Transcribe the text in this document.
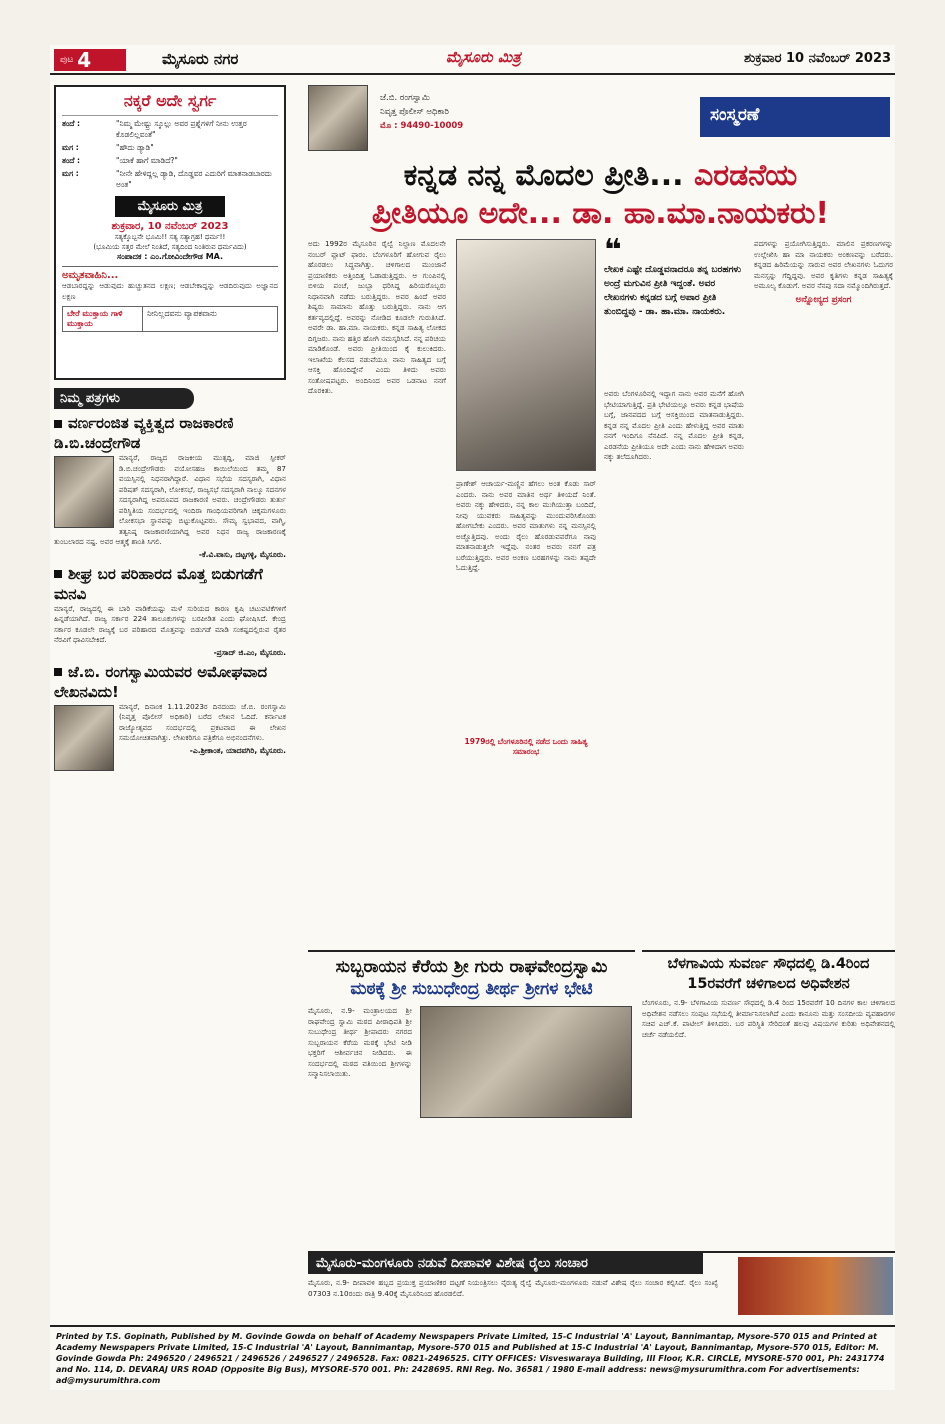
ಪುಟ 4	ಮೈಸೂರು ನಗರ	ಮೈಸೂರು ಮಿತ್ರ	ಶುಕ್ರವಾರ 10 ನವೆಂಬರ್ 2023
ನಕ್ಕರೆ ಅದೇ ಸ್ವರ್ಗ
ತಂದೆ :	"ನಿಮ್ಮ ಮೇಷ್ಟ್ರು ಸ್ಕೂಲ್ಲು ಅವರ ಪ್ರಶ್ನೆಗಳಿಗೆ ನೀನು ಉತ್ತರ ಕೊಡಲಿಲ್ಲವಂತೆ"
ಮಗ :	"ಹೌದು ಡ್ಯಾಡಿ"
ತಂದೆ :	"ಯಾಕೆ ಹಾಗೆ ಮಾಡಿದೆ?"
ಮಗ :	"ನೀನೇ ಹೇಳಿದ್ದಲ್ಲ ಡ್ಯಾಡಿ, ದೊಡ್ಡವರ ಎದುರಿಗೆ ಮಾತನಾಡಬಾರದು ಅಂತ"
ಮೈಸೂರು ಮಿತ್ರ
ಶುಕ್ರವಾರ, 10 ನವೆಂಬರ್ 2023
ಸತ್ಯಕ್ಕೊಬ್ಬನೇ ಭೂಮಿ!! ಸತ್ಯ ಸತ್ಯಾಗ್ರಹ! ಧರ್ಮ!!
(ಭೂಮಿಯ ಸತ್ತರ ಮೇಲೆ ನಿಂತಿದೆ, ಸತ್ಯದಿಂದ ನಿಂತಿರುವ ಧರ್ಮವಿದು)
ಸಂಪಾದಕ : ಎಂ.ಗೋವಿಂದೇಗೌಡ MA.
ಅಮೃತವಾಹಿನಿ...
ಆಡಬಾರದ್ದನ್ನು ಆಡುವುದು ಹುಚ್ಚುತನದ ಲಕ್ಷಣ; ಆಡಬೇಕಾದ್ದನ್ನು ಆಡದಿರುವುದು ಅಜ್ಞಾನದ ಲಕ್ಷಣ
ಬೇರೆ ಮುಕ್ತಾಯ ಗಾಳಿ ಮುಕ್ತಾಯ
ನೀನಿಲ್ಲದವನು ವ್ಯಾಪಕವಾನು
ನಿಮ್ಮ ಪತ್ರಗಳು
ವರ್ಣರಂಜಿತ ವ್ಯಕ್ತಿತ್ವದ ರಾಜಕಾರಣಿ ಡಿ.ಬಿ.ಚಂದ್ರೇಗೌಡ
ಮಾನ್ಯರೆ, ರಾಜ್ಯದ ರಾಜಕೀಯ ಮುತ್ಸದ್ದಿ, ಮಾಜಿ ಸ್ಪೀಕರ್ ಡಿ.ಬಿ.ಚಂದ್ರೇಗೌಡರು ವಯೋಸಹಜ ಕಾಯಿಲೆಯಿಂದ ತಮ್ಮ 87 ವಯಸ್ಸಿನಲ್ಲಿ ನಿಧನರಾಗಿದ್ದಾರೆ. ವಿಧಾನ ಸಭೆಯ ಸದಸ್ಯರಾಗಿ, ವಿಧಾನ ಪರಿಷತ್ ಸದಸ್ಯರಾಗಿ, ಲೋಕಸಭೆ, ರಾಜ್ಯಸಭೆ ಸದಸ್ಯರಾಗಿ ನಾಲ್ಕೂ ಸದನಗಳ ಸದಸ್ಯರಾಗಿದ್ದ ಅಪರೂಪದ ರಾಜಕಾರಣಿ ಅವರು. ಚಂದ್ರೇಗೌಡರು ತುರ್ತು ಪರಿಸ್ಥಿತಿಯ ಸಂದರ್ಭದಲ್ಲಿ ಇಂದಿರಾ ಗಾಂಧಿಯವರಿಗಾಗಿ ಚಿಕ್ಕಮಗಳೂರು ಲೋಕಸಭಾ ಸ್ಥಾನವನ್ನು ಬಿಟ್ಟುಕೊಟ್ಟವರು. ಸೌಮ್ಯ ಸ್ವಭಾವದ, ವಾಗ್ಮಿ, ತತ್ವನಿಷ್ಠ ರಾಜಕಾರಣಿಯಾಗಿದ್ದ ಅವರ ನಿಧನ ರಾಜ್ಯ ರಾಜಕಾರಣಕ್ಕೆ ತುಂಬಲಾರದ ನಷ್ಟ. ಅವರ ಆತ್ಮಕ್ಕೆ ಶಾಂತಿ ಸಿಗಲಿ.
-ಕೆ.ವಿ.ವಾಸು, ದಟ್ಟಗಳ್ಳಿ, ಮೈಸೂರು.
ಶೀಘ್ರ ಬರ ಪರಿಹಾರದ ಮೊತ್ತ ಬಿಡುಗಡೆಗೆ ಮನವಿ
ಮಾನ್ಯರೆ, ರಾಜ್ಯದಲ್ಲಿ ಈ ಬಾರಿ ವಾಡಿಕೆಯಷ್ಟು ಮಳೆ ಸುರಿಯದ ಕಾರಣ ಕೃಷಿ ಚಟುವಟಿಕೆಗಳಿಗೆ ಹಿನ್ನಡೆಯಾಗಿದೆ. ರಾಜ್ಯ ಸರ್ಕಾರ 224 ತಾಲೂಕುಗಳನ್ನು ಬರಪೀಡಿತ ಎಂದು ಘೋಷಿಸಿದೆ. ಕೇಂದ್ರ ಸರ್ಕಾರ ಕೂಡಲೇ ರಾಜ್ಯಕ್ಕೆ ಬರ ಪರಿಹಾರದ ಮೊತ್ತವನ್ನು ಬಿಡುಗಡೆ ಮಾಡಿ ಸಂಕಷ್ಟದಲ್ಲಿರುವ ರೈತರ ನೆರವಿಗೆ ಧಾವಿಸಬೇಕಿದೆ.
-ಪ್ರಸಾದ್ ಜಿ.ಎಂ, ಮೈಸೂರು.
ಜೆ.ಬಿ. ರಂಗಸ್ವಾಮಿಯವರ ಅಮೋಘವಾದ ಲೇಖನವಿದು!
ಮಾನ್ಯರೆ, ದಿನಾಂಕ 1.11.2023ರ ದಿನದಂದು ಜೆ.ಬಿ. ರಂಗಸ್ವಾಮಿ (ನಿವೃತ್ತ ಪೊಲೀಸ್ ಅಧಿಕಾರಿ) ಬರೆದ ಲೇಖನ ಓದಿದೆ. ಕರ್ನಾಟಕ ರಾಜ್ಯೋತ್ಸವದ ಸಂದರ್ಭದಲ್ಲಿ ಪ್ರಕಟವಾದ ಈ ಲೇಖನ ಸಮಯೋಚಿತವಾಗಿತ್ತು. ಲೇಖಕರಿಗೂ ಪತ್ರಿಕೆಗೂ ಅಭಿನಂದನೆಗಳು.
-ಎ.ಶ್ರೀಕಾಂತ, ಯಾದವಗಿರಿ, ಮೈಸೂರು.
ಜೆ.ಬಿ. ರಂಗಸ್ವಾಮಿ
ನಿವೃತ್ತ ಪೊಲೀಸ್ ಅಧಿಕಾರಿ
ಮೊ : 94490-10009
ಸಂಸ್ಮರಣೆ
ಕನ್ನಡ ನನ್ನ ಮೊದಲ ಪ್ರೀತಿ... ಎರಡನೆಯ
ಪ್ರೀತಿಯೂ ಅದೇ... ಡಾ. ಹಾ.ಮಾ.ನಾಯಕರು!
ಅದು 1992ರ ಮೈಸೂರಿನ ರೈಲ್ವೆ ನಿಲ್ದಾಣ ಮೊದಲನೇ ನಂಬರ್ ಪ್ಲಾಟ್ ಫಾರಂ. ಬೆಂಗಳೂರಿಗೆ ಹೋಗುವ ರೈಲು ಹೊರಡಲು ಸಿದ್ಧವಾಗಿತ್ತು. ಚಳಿಗಾಲದ ಮುಂಜಾನೆ ಪ್ರಯಾಣಿಕರು ಅತ್ತಿಂದಿತ್ತ ಓಡಾಡುತ್ತಿದ್ದರು. ಆ ಗುಂಪಿನಲ್ಲಿ ಬಿಳಿಯ ಪಂಚೆ, ಜುಬ್ಬಾ ಧರಿಸಿದ್ದ ಹಿರಿಯರೊಬ್ಬರು ನಿಧಾನವಾಗಿ ನಡೆದು ಬರುತ್ತಿದ್ದರು. ಅವರ ಹಿಂದೆ ಅವರ ಶಿಷ್ಯರು ಸಾಮಾನು ಹೊತ್ತು ಬರುತ್ತಿದ್ದರು. ನಾನು ಆಗ ಕರ್ತವ್ಯದಲ್ಲಿದ್ದೆ. ಅವರನ್ನು ನೋಡಿದ ಕೂಡಲೇ ಗುರುತಿಸಿದೆ. ಅವರೇ ಡಾ. ಹಾ.ಮಾ. ನಾಯಕರು. ಕನ್ನಡ ಸಾಹಿತ್ಯ ಲೋಕದ ದಿಗ್ಗಜರು. ನಾನು ಹತ್ತಿರ ಹೋಗಿ ನಮಸ್ಕರಿಸಿದೆ. ನನ್ನ ಪರಿಚಯ ಮಾಡಿಕೊಂಡೆ. ಅವರು ಪ್ರೀತಿಯಿಂದ ಕೈ ಕುಲುಕಿದರು. ಇಲಾಖೆಯ ಕೆಲಸದ ನಡುವೆಯೂ ನಾನು ಸಾಹಿತ್ಯದ ಬಗ್ಗೆ ಆಸಕ್ತಿ ಹೊಂದಿದ್ದೇನೆ ಎಂದು ತಿಳಿದು ಅವರು ಸಂತೋಷಪಟ್ಟರು. ಅಂದಿನಿಂದ ಅವರ ಒಡನಾಟ ನನಗೆ ದೊರಕಿತು.
ಪ್ರಾಣೇಶ್ ಆಚಾರ್ಯ-ಮಣ್ಣಿನ ಹೆಗಲು ಅಂತ ಕೊಡು ಸಾರ್ ಎಂದರು. ನಾನು ಅವರ ಮಾತಿನ ಅರ್ಥ ತಿಳಿಯದೆ ನಿಂತೆ. ಅವರು ನಕ್ಕು ಹೇಳಿದರು, ನನ್ನ ಕಾಲ ಮುಗಿಯುತ್ತಾ ಬಂದಿದೆ, ನೀವು ಯುವಕರು ಸಾಹಿತ್ಯವನ್ನು ಮುಂದುವರಿಸಿಕೊಂಡು ಹೋಗಬೇಕು ಎಂದರು. ಅವರ ಮಾತುಗಳು ನನ್ನ ಮನಸ್ಸಿನಲ್ಲಿ ಅಚ್ಚೊತ್ತಿದವು. ಅಂದು ರೈಲು ಹೊರಡುವವರೆಗೂ ನಾವು ಮಾತನಾಡುತ್ತಲೇ ಇದ್ದೆವು. ನಂತರ ಅವರು ನನಗೆ ಪತ್ರ ಬರೆಯುತ್ತಿದ್ದರು. ಅವರ ಅಂಕಣ ಬರಹಗಳನ್ನು ನಾನು ತಪ್ಪದೇ ಓದುತ್ತಿದ್ದೆ.
1979ರಲ್ಲಿ ಬೆಂಗಳೂರಿನಲ್ಲಿ ನಡೆದ ಒಂದು ಸಾಹಿತ್ಯ ಸಮಾರಂಭ
❝
ಲೇಖಕ ಎಷ್ಟೇ ದೊಡ್ಡವನಾದರೂ ತನ್ನ ಬರಹಗಳು ಅಂದ್ರೆ ಮಗುವಿನ ಪ್ರೀತಿ ಇದ್ದಂತೆ. ಅವರ ಲೇಖನಗಳು ಕನ್ನಡದ ಬಗ್ಗೆ ಅಪಾರ ಪ್ರೀತಿ ತುಂಬಿದ್ದವು - ಡಾ. ಹಾ.ಮಾ. ನಾಯಕರು.
ಅವರು ಬೆಂಗಳೂರಿನಲ್ಲಿ ಇದ್ದಾಗ ನಾನು ಅವರ ಮನೆಗೆ ಹೋಗಿ ಭೇಟಿಯಾಗುತ್ತಿದ್ದೆ. ಪ್ರತಿ ಭೇಟಿಯಲ್ಲೂ ಅವರು ಕನ್ನಡ ಭಾಷೆಯ ಬಗ್ಗೆ, ಜಾನಪದದ ಬಗ್ಗೆ ಆಸಕ್ತಿಯಿಂದ ಮಾತನಾಡುತ್ತಿದ್ದರು. ಕನ್ನಡ ನನ್ನ ಮೊದಲ ಪ್ರೀತಿ ಎಂದು ಹೇಳುತ್ತಿದ್ದ ಅವರ ಮಾತು ನನಗೆ ಇಂದಿಗೂ ನೆನಪಿದೆ. ನನ್ನ ಮೊದಲ ಪ್ರೀತಿ ಕನ್ನಡ, ಎರಡನೆಯ ಪ್ರೀತಿಯೂ ಅದೇ ಎಂದು ನಾನು ಹೇಳಿದಾಗ ಅವರು ನಕ್ಕು ತಲೆದೂಗಿದರು.
ಪದಗಳನ್ನು ಪ್ರಯೋಗಿಸುತ್ತಿದ್ದರು. ಮಾಲಿನ ಪ್ರಕರಣಗಳನ್ನು ಉಲ್ಲೇಖಿಸಿ ಹಾ ಮಾ ನಾಯಕರು ಅಂಕಣವನ್ನು ಬರೆದರು. ಕನ್ನಡದ ಹಿರಿಮೆಯನ್ನು ಸಾರುವ ಅವರ ಲೇಖನಗಳು ಓದುಗರ ಮನಸ್ಸನ್ನು ಗೆದ್ದಿದ್ದವು. ಅವರ ಕೃತಿಗಳು ಕನ್ನಡ ಸಾಹಿತ್ಯಕ್ಕೆ ಅಮೂಲ್ಯ ಕೊಡುಗೆ. ಅವರ ನೆನಪು ಸದಾ ನಮ್ಮೊಂದಿಗಿರುತ್ತದೆ.
ಅನ್ನೋನ್ಯದ ಪ್ರಸಂಗ
ಸುಬ್ಬರಾಯನ ಕೆರೆಯ ಶ್ರೀ ಗುರು ರಾಘವೇಂದ್ರಸ್ವಾಮಿ
ಮಠಕ್ಕೆ ಶ್ರೀ ಸುಬುಧೇಂದ್ರ ತೀರ್ಥ ಶ್ರೀಗಳ ಭೇಟಿ
ಮೈಸೂರು, ನ.9- ಮಂತ್ರಾಲಯದ ಶ್ರೀ ರಾಘವೇಂದ್ರ ಸ್ವಾಮಿ ಮಠದ ಪೀಠಾಧಿಪತಿ ಶ್ರೀ ಸುಬುಧೇಂದ್ರ ತೀರ್ಥ ಶ್ರೀಪಾದರು ನಗರದ ಸುಬ್ಬರಾಯನ ಕೆರೆಯ ಮಠಕ್ಕೆ ಭೇಟಿ ನೀಡಿ ಭಕ್ತರಿಗೆ ಆಶೀರ್ವಚನ ನೀಡಿದರು. ಈ ಸಂದರ್ಭದಲ್ಲಿ ಮಠದ ವತಿಯಿಂದ ಶ್ರೀಗಳನ್ನು ಸನ್ಮಾನಿಸಲಾಯಿತು.
ಬೆಳಗಾವಿಯ ಸುವರ್ಣ ಸೌಧದಲ್ಲಿ ಡಿ.4ರಿಂದ 15ರವರೆಗೆ ಚಳಿಗಾಲದ ಅಧಿವೇಶನ
ಬೆಂಗಳೂರು, ನ.9- ಬೆಳಗಾವಿಯ ಸುವರ್ಣ ಸೌಧದಲ್ಲಿ ಡಿ.4 ರಿಂದ 15ರವರೆಗೆ 10 ದಿನಗಳ ಕಾಲ ಚಳಿಗಾಲದ ಅಧಿವೇಶನ ನಡೆಸಲು ಸಂಪುಟ ಸಭೆಯಲ್ಲಿ ತೀರ್ಮಾನಿಸಲಾಗಿದೆ ಎಂದು ಕಾನೂನು ಮತ್ತು ಸಂಸದೀಯ ವ್ಯವಹಾರಗಳ ಸಚಿವ ಎಚ್.ಕೆ. ಪಾಟೀಲ್ ತಿಳಿಸಿದರು. ಬರ ಪರಿಸ್ಥಿತಿ ಸೇರಿದಂತೆ ಹಲವು ವಿಷಯಗಳ ಕುರಿತು ಅಧಿವೇಶನದಲ್ಲಿ ಚರ್ಚೆ ನಡೆಯಲಿದೆ.
ಮೈಸೂರು-ಮಂಗಳೂರು ನಡುವೆ ದೀಪಾವಳಿ ವಿಶೇಷ ರೈಲು ಸಂಚಾರ
ಮೈಸೂರು, ನ.9- ದೀಪಾವಳಿ ಹಬ್ಬದ ಪ್ರಯುಕ್ತ ಪ್ರಯಾಣಿಕರ ದಟ್ಟಣೆ ನಿಯಂತ್ರಿಸಲು ನೈರುತ್ಯ ರೈಲ್ವೆ ಮೈಸೂರು-ಮಂಗಳೂರು ನಡುವೆ ವಿಶೇಷ ರೈಲು ಸಂಚಾರ ಕಲ್ಪಿಸಿದೆ. ರೈಲು ಸಂಖ್ಯೆ 07303 ನ.10ರಂದು ರಾತ್ರಿ 9.40ಕ್ಕೆ ಮೈಸೂರಿನಿಂದ ಹೊರಡಲಿದೆ.
Printed by T.S. Gopinath, Published by M. Govinde Gowda on behalf of Academy Newspapers Private Limited, 15-C Industrial 'A' Layout, Bannimantap, Mysore-570 015 and Printed at Academy Newspapers Private Limited, 15-C Industrial 'A' Layout, Bannimantap, Mysore-570 015 and Published at 15-C Industrial 'A' Layout, Bannimantap, Mysore-570 015, Editor: M. Govinde Gowda Ph: 2496520 / 2496521 / 2496526 / 2496527 / 2496528. Fax: 0821-2496525. CITY OFFICES: Visveswaraya Building, III Floor, K.R. CIRCLE, MYSORE-570 001, Ph: 2431774 and No. 114, D. DEVARAJ URS ROAD (Opposite Big Bus), MYSORE-570 001. Ph: 2428695. RNI Reg. No. 36581 / 1980 E-mail address: news@mysurumithra.com For advertisements: ad@mysurumithra.com
